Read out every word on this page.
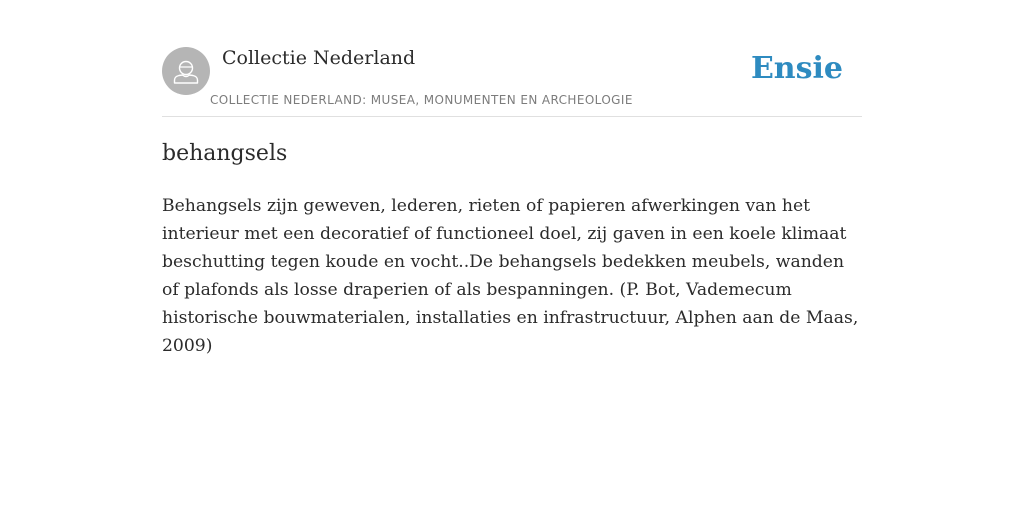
Collectie Nederland
COLLECTIE NEDERLAND: MUSEA, MONUMENTEN EN ARCHEOLOGIE
Ensie
behangsels

Behangsels zijn geweven, lederen, rieten of papieren afwerkingen van het interieur met een decoratief of functioneel doel, zij gaven in een koele klimaat beschutting tegen koude en vocht..De behangsels bedekken meubels, wanden of plafonds als losse draperien of als bespanningen. (P. Bot, Vademecum historische bouwmaterialen, installaties en infrastructuur, Alphen aan de Maas, 2009)
